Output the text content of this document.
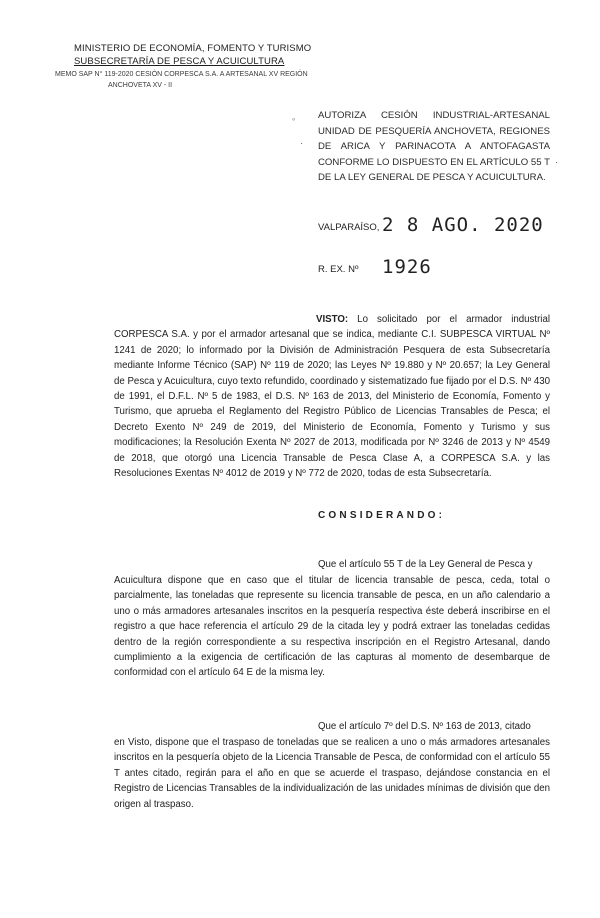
MINISTERIO DE ECONOMÍA, FOMENTO Y TURISMO
SUBSECRETARÍA DE PESCA Y ACUICULTURA
MEMO SAP N° 119-2020 CESIÓN CORPESCA S.A. A ARTESANAL XV REGIÓN
ANCHOVETA XV - II
◦
·
·
AUTORIZA CESIÓN INDUSTRIAL-ARTESANAL UNIDAD DE PESQUERÍA ANCHOVETA, REGIONES DE ARICA Y PARINACOTA A ANTOFAGASTA CONFORME LO DISPUESTO EN EL ARTÍCULO 55 T DE LA LEY GENERAL DE PESCA Y ACUICULTURA.
VALPARAÍSO, 2 8 AGO. 2020
R. EX. Nº 1926
VISTO: Lo solicitado por el armador industrial CORPESCA S.A. y por el armador artesanal que se indica, mediante C.I. SUBPESCA VIRTUAL Nº 1241 de 2020; lo informado por la División de Administración Pesquera de esta Subsecretaría mediante Informe Técnico (SAP) Nº 119 de 2020; las Leyes Nº 19.880 y Nº 20.657; la Ley General de Pesca y Acuicultura, cuyo texto refundido, coordinado y sistematizado fue fijado por el D.S. Nº 430 de 1991, el D.F.L. Nº 5 de 1983, el D.S. Nº 163 de 2013, del Ministerio de Economía, Fomento y Turismo, que aprueba el Reglamento del Registro Público de Licencias Transables de Pesca; el Decreto Exento Nº 249 de 2019, del Ministerio de Economía, Fomento y Turismo y sus modificaciones; la Resolución Exenta Nº 2027 de 2013, modificada por Nº 3246 de 2013 y Nº 4549 de 2018, que otorgó una Licencia Transable de Pesca Clase A, a CORPESCA S.A. y las Resoluciones Exentas Nº 4012 de 2019 y Nº 772 de 2020, todas de esta Subsecretaría.
CONSIDERANDO:
Que el artículo 55 T de la Ley General de Pesca y
Acuicultura dispone que en caso que el titular de licencia transable de pesca, ceda, total o parcialmente, las toneladas que represente su licencia transable de pesca, en un año calendario a uno o más armadores artesanales inscritos en la pesquería respectiva éste deberá inscribirse en el registro a que hace referencia el artículo 29 de la citada ley y podrá extraer las toneladas cedidas dentro de la región correspondiente a su respectiva inscripción en el Registro Artesanal, dando cumplimiento a la exigencia de certificación de las capturas al momento de desembarque de conformidad con el artículo 64 E de la misma ley.
Que el artículo 7º del D.S. Nº 163 de 2013, citado
en Visto, dispone que el traspaso de toneladas que se realicen a uno o más armadores artesanales inscritos en la pesquería objeto de la Licencia Transable de Pesca, de conformidad con el artículo 55 T antes citado, regirán para el año en que se acuerde el traspaso, dejándose constancia en el Registro de Licencias Transables de la individualización de las unidades mínimas de división que den origen al traspaso.
